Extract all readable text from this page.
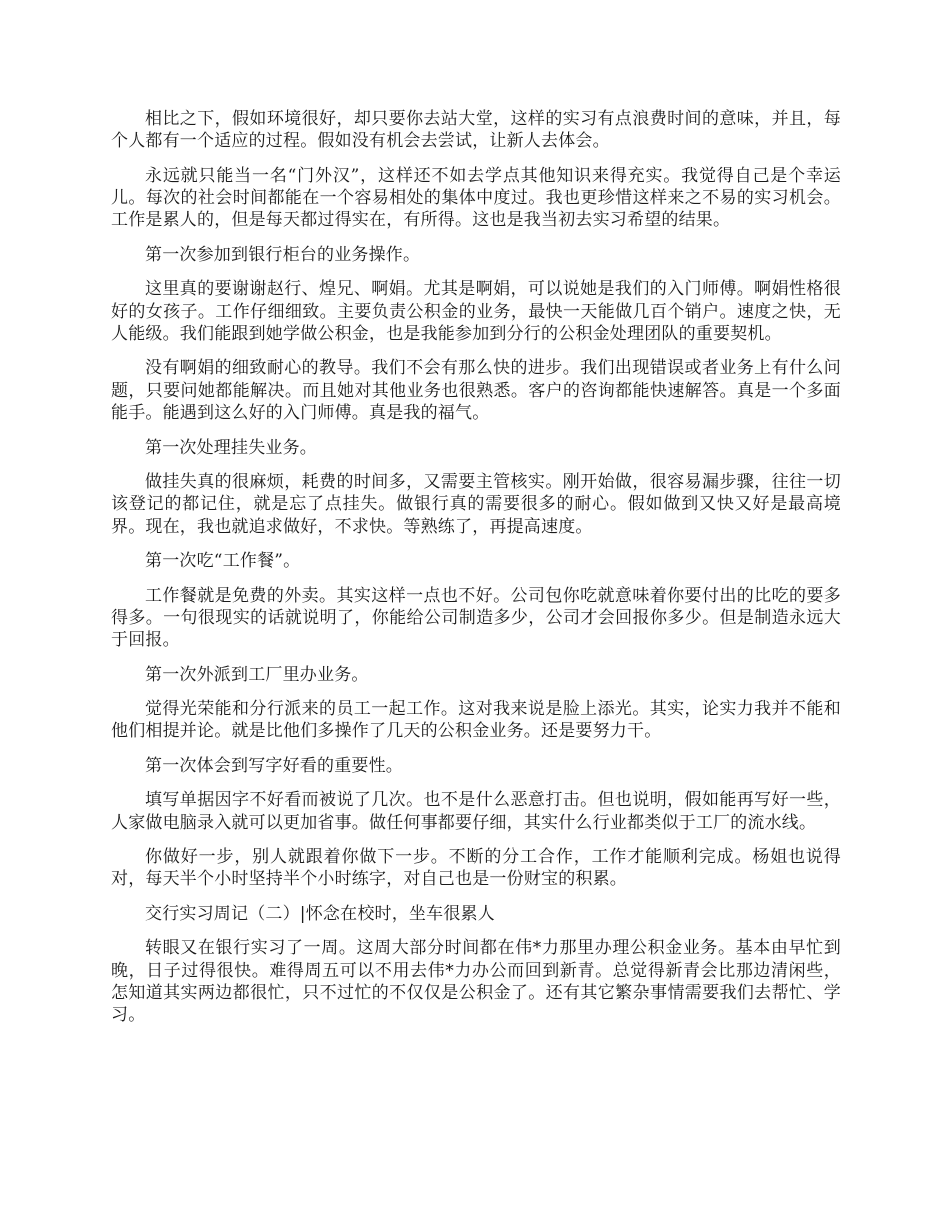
相比之下，假如环境很好，却只要你去站大堂，这样的实习有点浪费时间的意味，并且，每个人都有一个适应的过程。假如没有机会去尝试，让新人去体会。

永远就只能当一名“门外汉”，这样还不如去学点其他知识来得充实。我觉得自己是个幸运儿。每次的社会时间都能在一个容易相处的集体中度过。我也更珍惜这样来之不易的实习机会。工作是累人的，但是每天都过得实在，有所得。这也是我当初去实习希望的结果。

第一次参加到银行柜台的业务操作。

这里真的要谢谢赵行、煌兄、啊娟。尤其是啊娟，可以说她是我们的入门师傅。啊娟性格很好的女孩子。工作仔细细致。主要负责公积金的业务，最快一天能做几百个销户。速度之快，无人能级。我们能跟到她学做公积金，也是我能参加到分行的公积金处理团队的重要契机。

没有啊娟的细致耐心的教导。我们不会有那么快的进步。我们出现错误或者业务上有什么问题，只要问她都能解决。而且她对其他业务也很熟悉。客户的咨询都能快速解答。真是一个多面能手。能遇到这么好的入门师傅。真是我的福气。

第一次处理挂失业务。

做挂失真的很麻烦，耗费的时间多，又需要主管核实。刚开始做，很容易漏步骤，往往一切该登记的都记住，就是忘了点挂失。做银行真的需要很多的耐心。假如做到又快又好是最高境界。现在，我也就追求做好，不求快。等熟练了，再提高速度。

第一次吃“工作餐”。

工作餐就是免费的外卖。其实这样一点也不好。公司包你吃就意味着你要付出的比吃的要多得多。一句很现实的话就说明了，你能给公司制造多少，公司才会回报你多少。但是制造永远大于回报。

第一次外派到工厂里办业务。

觉得光荣能和分行派来的员工一起工作。这对我来说是脸上添光。其实，论实力我并不能和他们相提并论。就是比他们多操作了几天的公积金业务。还是要努力干。

第一次体会到写字好看的重要性。

填写单据因字不好看而被说了几次。也不是什么恶意打击。但也说明，假如能再写好一些，人家做电脑录入就可以更加省事。做任何事都要仔细，其实什么行业都类似于工厂的流水线。

你做好一步，别人就跟着你做下一步。不断的分工合作，工作才能顺利完成。杨姐也说得对，每天半个小时坚持半个小时练字，对自己也是一份财宝的积累。

交行实习周记（二）|怀念在校时，坐车很累人

转眼又在银行实习了一周。这周大部分时间都在伟*力那里办理公积金业务。基本由早忙到晚，日子过得很快。难得周五可以不用去伟*力办公而回到新青。总觉得新青会比那边清闲些，怎知道其实两边都很忙，只不过忙的不仅仅是公积金了。还有其它繁杂事情需要我们去帮忙、学习。
